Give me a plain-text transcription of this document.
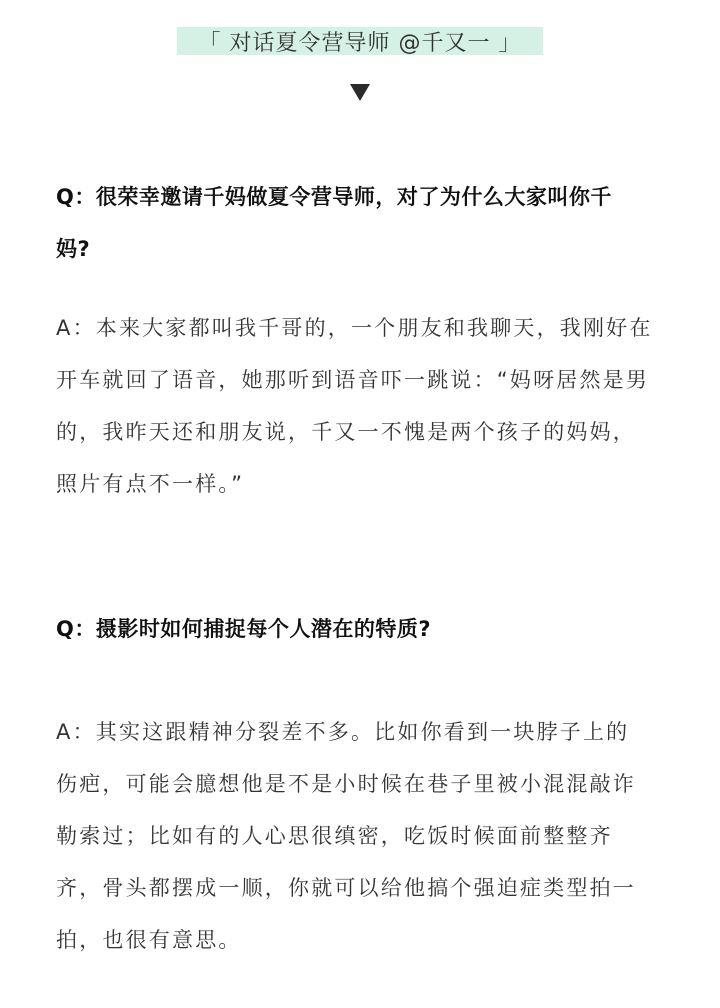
「 对话夏令营导师 @千又一 」
Q：很荣幸邀请千妈做夏令营导师，对了为什么大家叫你千
妈?
A：本来大家都叫我千哥的，一个朋友和我聊天，我刚好在
开车就回了语音，她那听到语音吓一跳说：“妈呀居然是男
的，我昨天还和朋友说，千又一不愧是两个孩子的妈妈，
照片有点不一样。”
Q：摄影时如何捕捉每个人潜在的特质?
A：其实这跟精神分裂差不多。比如你看到一块脖子上的
伤疤，可能会臆想他是不是小时候在巷子里被小混混敲诈
勒索过；比如有的人心思很缜密，吃饭时候面前整整齐
齐，骨头都摆成一顺，你就可以给他搞个强迫症类型拍一
拍，也很有意思。
